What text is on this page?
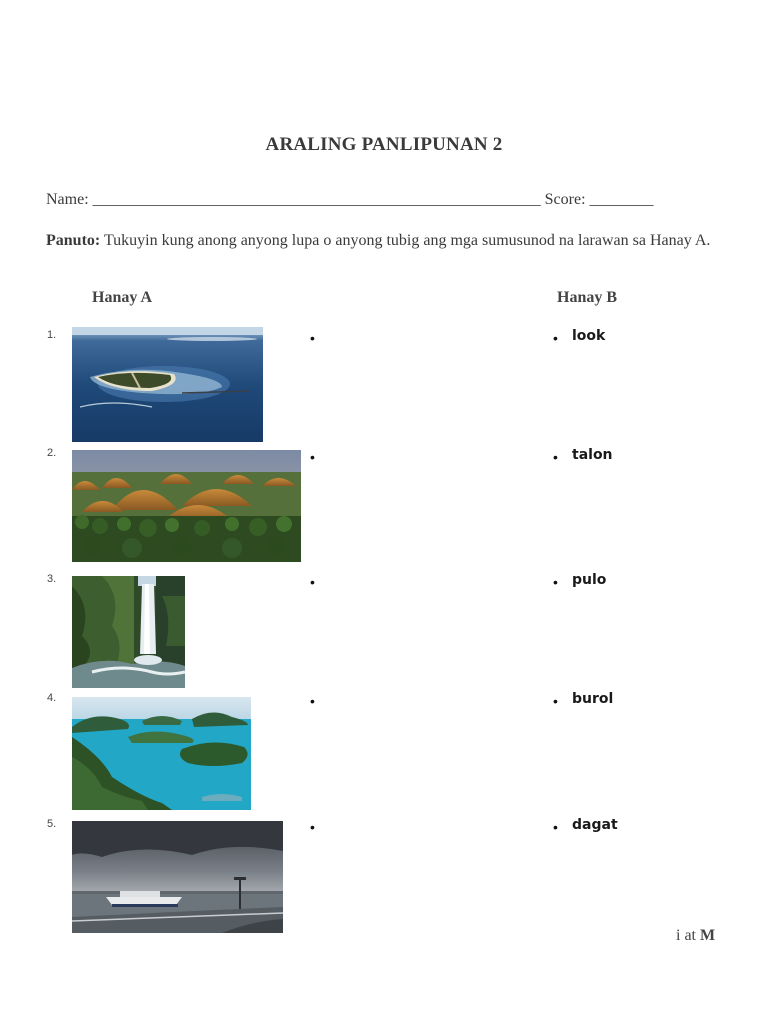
ARALING PANLIPUNAN 2
Name: ________________________________________________________ Score: ________
Panuto: Tukuyin kung anong anyong lupa o anyong tubig ang mga sumusunod na larawan sa Hanay A.
Hanay A	Hanay B
1.	•	• look
2.	•	• talon
3.	•	• pulo
4.	•	• burol
5.	•	• dagat
i at M
